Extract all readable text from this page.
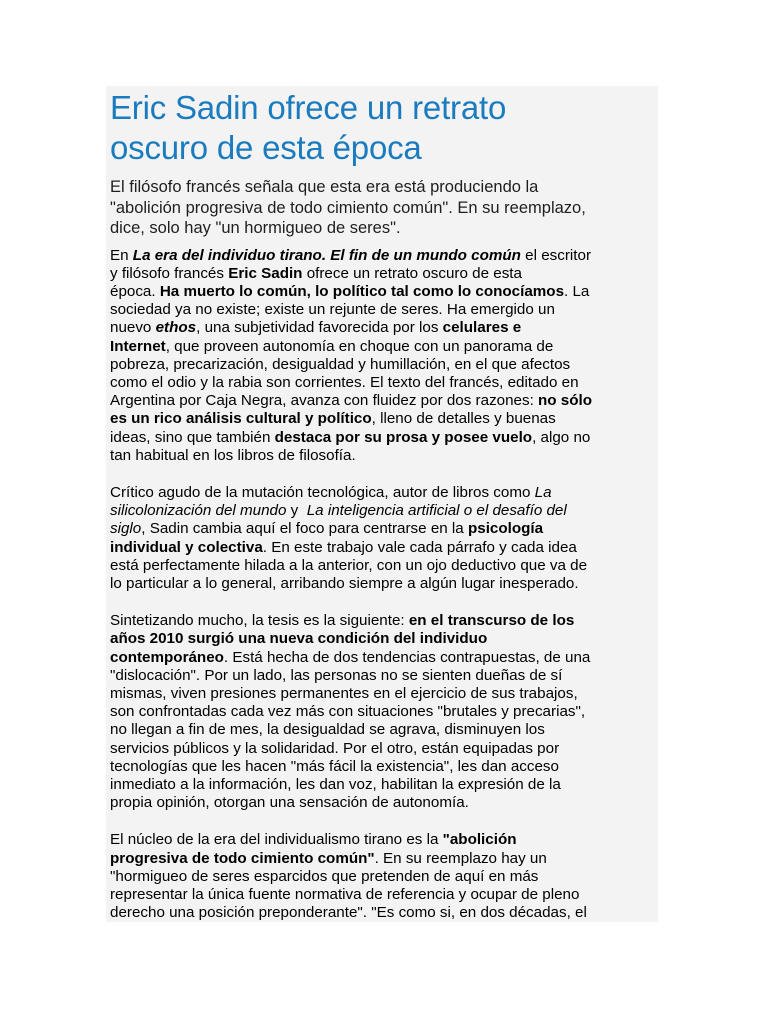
Eric Sadin ofrece un retrato
oscuro de esta época

El filósofo francés señala que esta era está produciendo la
"abolición progresiva de todo cimiento común". En su reemplazo,
dice, solo hay "un hormigueo de seres".

En La era del individuo tirano. El fin de un mundo común el escritor
y filósofo francés Eric Sadin ofrece un retrato oscuro de esta
época. Ha muerto lo común, lo político tal como lo conocíamos. La
sociedad ya no existe; existe un rejunte de seres. Ha emergido un
nuevo ethos, una subjetividad favorecida por los celulares e
Internet, que proveen autonomía en choque con un panorama de
pobreza, precarización, desigualdad y humillación, en el que afectos
como el odio y la rabia son corrientes. El texto del francés, editado en
Argentina por Caja Negra, avanza con fluidez por dos razones: no sólo
es un rico análisis cultural y político, lleno de detalles y buenas
ideas, sino que también destaca por su prosa y posee vuelo, algo no
tan habitual en los libros de filosofía.

Crítico agudo de la mutación tecnológica, autor de libros como La
silicolonización del mundo y  La inteligencia artificial o el desafío del
siglo, Sadin cambia aquí el foco para centrarse en la psicología
individual y colectiva. En este trabajo vale cada párrafo y cada idea
está perfectamente hilada a la anterior, con un ojo deductivo que va de
lo particular a lo general, arribando siempre a algún lugar inesperado.

Sintetizando mucho, la tesis es la siguiente: en el transcurso de los
años 2010 surgió una nueva condición del individuo
contemporáneo. Está hecha de dos tendencias contrapuestas, de una
"dislocación". Por un lado, las personas no se sienten dueñas de sí
mismas, viven presiones permanentes en el ejercicio de sus trabajos,
son confrontadas cada vez más con situaciones "brutales y precarias",
no llegan a fin de mes, la desigualdad se agrava, disminuyen los
servicios públicos y la solidaridad. Por el otro, están equipadas por
tecnologías que les hacen "más fácil la existencia", les dan acceso
inmediato a la información, les dan voz, habilitan la expresión de la
propia opinión, otorgan una sensación de autonomía.

El núcleo de la era del individualismo tirano es la "abolición
progresiva de todo cimiento común". En su reemplazo hay un
"hormigueo de seres esparcidos que pretenden de aquí en más
representar la única fuente normativa de referencia y ocupar de pleno
derecho una posición preponderante". "Es como si, en dos décadas, el
